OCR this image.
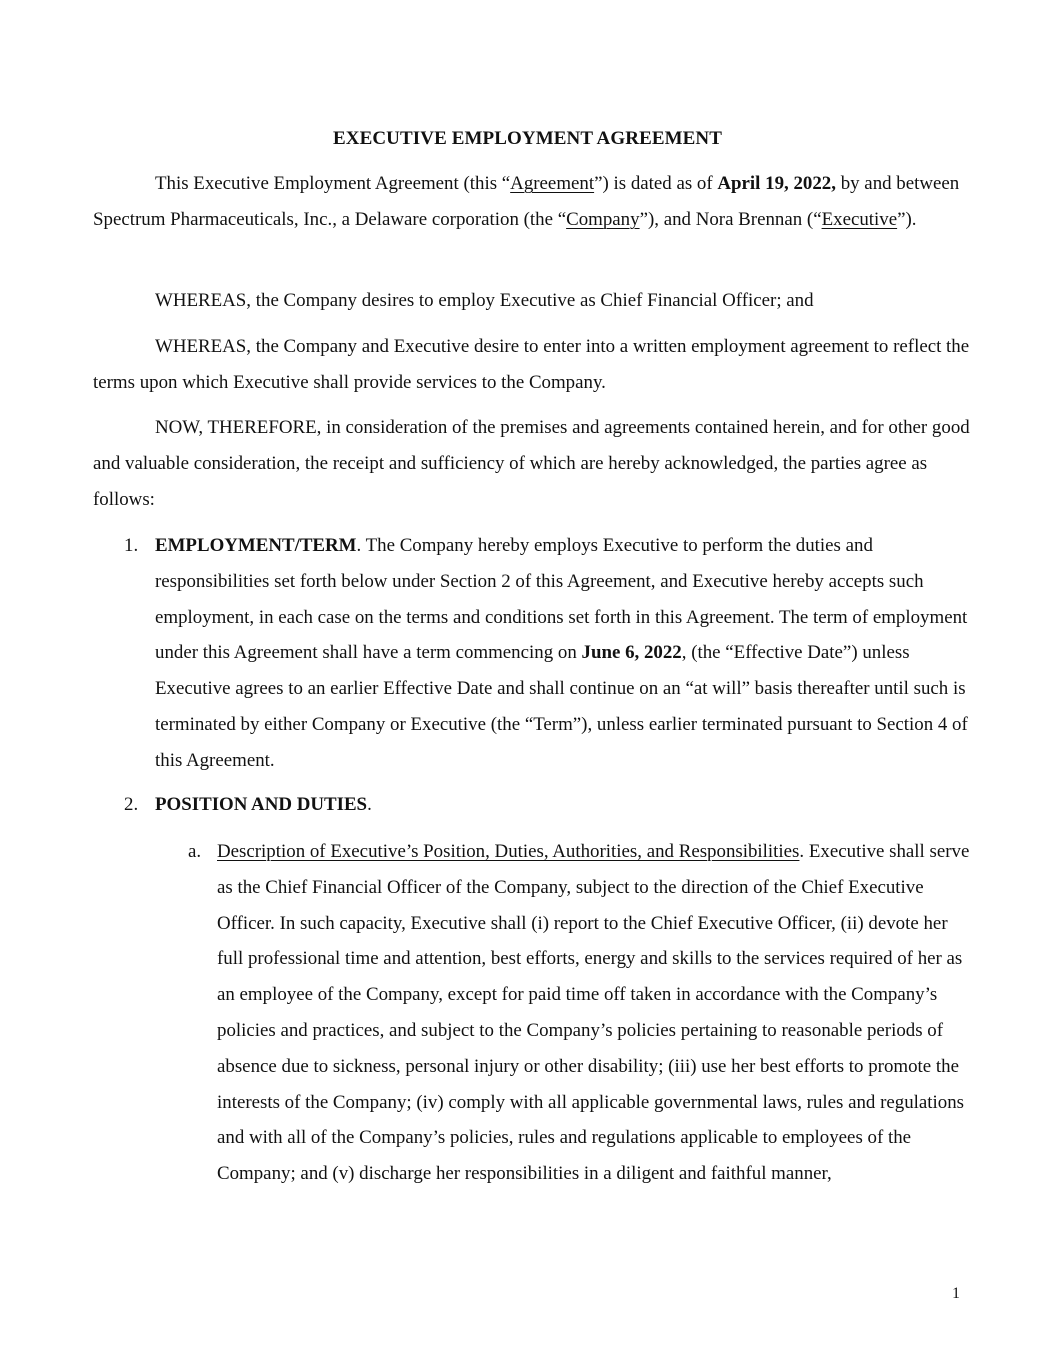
EXECUTIVE EMPLOYMENT AGREEMENT

This Executive Employment Agreement (this “Agreement”) is dated as of April 19, 2022, by and between Spectrum Pharmaceuticals, Inc., a Delaware corporation (the “Company”), and Nora Brennan (“Executive”).

WHEREAS, the Company desires to employ Executive as Chief Financial Officer; and

WHEREAS, the Company and Executive desire to enter into a written employment agreement to reflect the terms upon which Executive shall provide services to the Company.

NOW, THEREFORE, in consideration of the premises and agreements contained herein, and for other good and valuable consideration, the receipt and sufficiency of which are hereby acknowledged, the parties agree as follows:

1. EMPLOYMENT/TERM. The Company hereby employs Executive to perform the duties and responsibilities set forth below under Section 2 of this Agreement, and Executive hereby accepts such employment, in each case on the terms and conditions set forth in this Agreement. The term of employment under this Agreement shall have a term commencing on June 6, 2022, (the “Effective Date”) unless Executive agrees to an earlier Effective Date and shall continue on an “at will” basis thereafter until such is terminated by either Company or Executive (the “Term”), unless earlier terminated pursuant to Section 4 of this Agreement.

2. POSITION AND DUTIES.

a. Description of Executive’s Position, Duties, Authorities, and Responsibilities. Executive shall serve as the Chief Financial Officer of the Company, subject to the direction of the Chief Executive Officer. In such capacity, Executive shall (i) report to the Chief Executive Officer, (ii) devote her full professional time and attention, best efforts, energy and skills to the services required of her as an employee of the Company, except for paid time off taken in accordance with the Company’s policies and practices, and subject to the Company’s policies pertaining to reasonable periods of absence due to sickness, personal injury or other disability; (iii) use her best efforts to promote the interests of the Company; (iv) comply with all applicable governmental laws, rules and regulations and with all of the Company’s policies, rules and regulations applicable to employees of the Company; and (v) discharge her responsibilities in a diligent and faithful manner,

1
